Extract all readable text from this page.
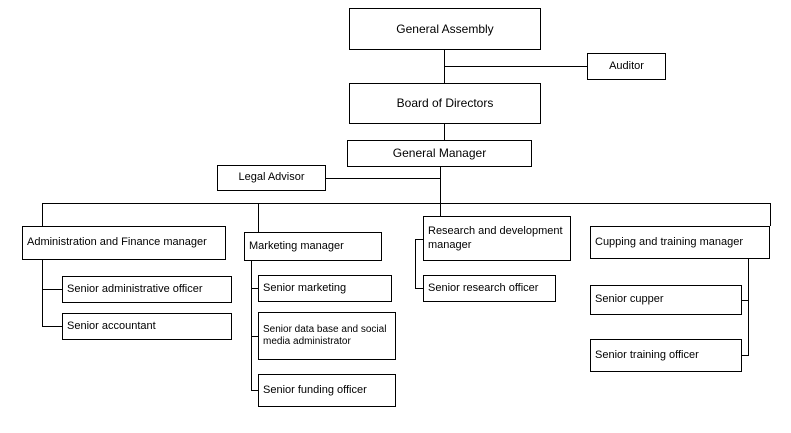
General Assembly
Auditor
Board of Directors
General Manager
Legal Advisor
Administration and Finance manager	Marketing manager
Research and development manager	Cupping and training manager
Senior administrative officer
Senior accountant
Senior marketing
Senior data base and social media administrator
Senior funding officer
Senior research officer
Senior cupper
Senior training officer
